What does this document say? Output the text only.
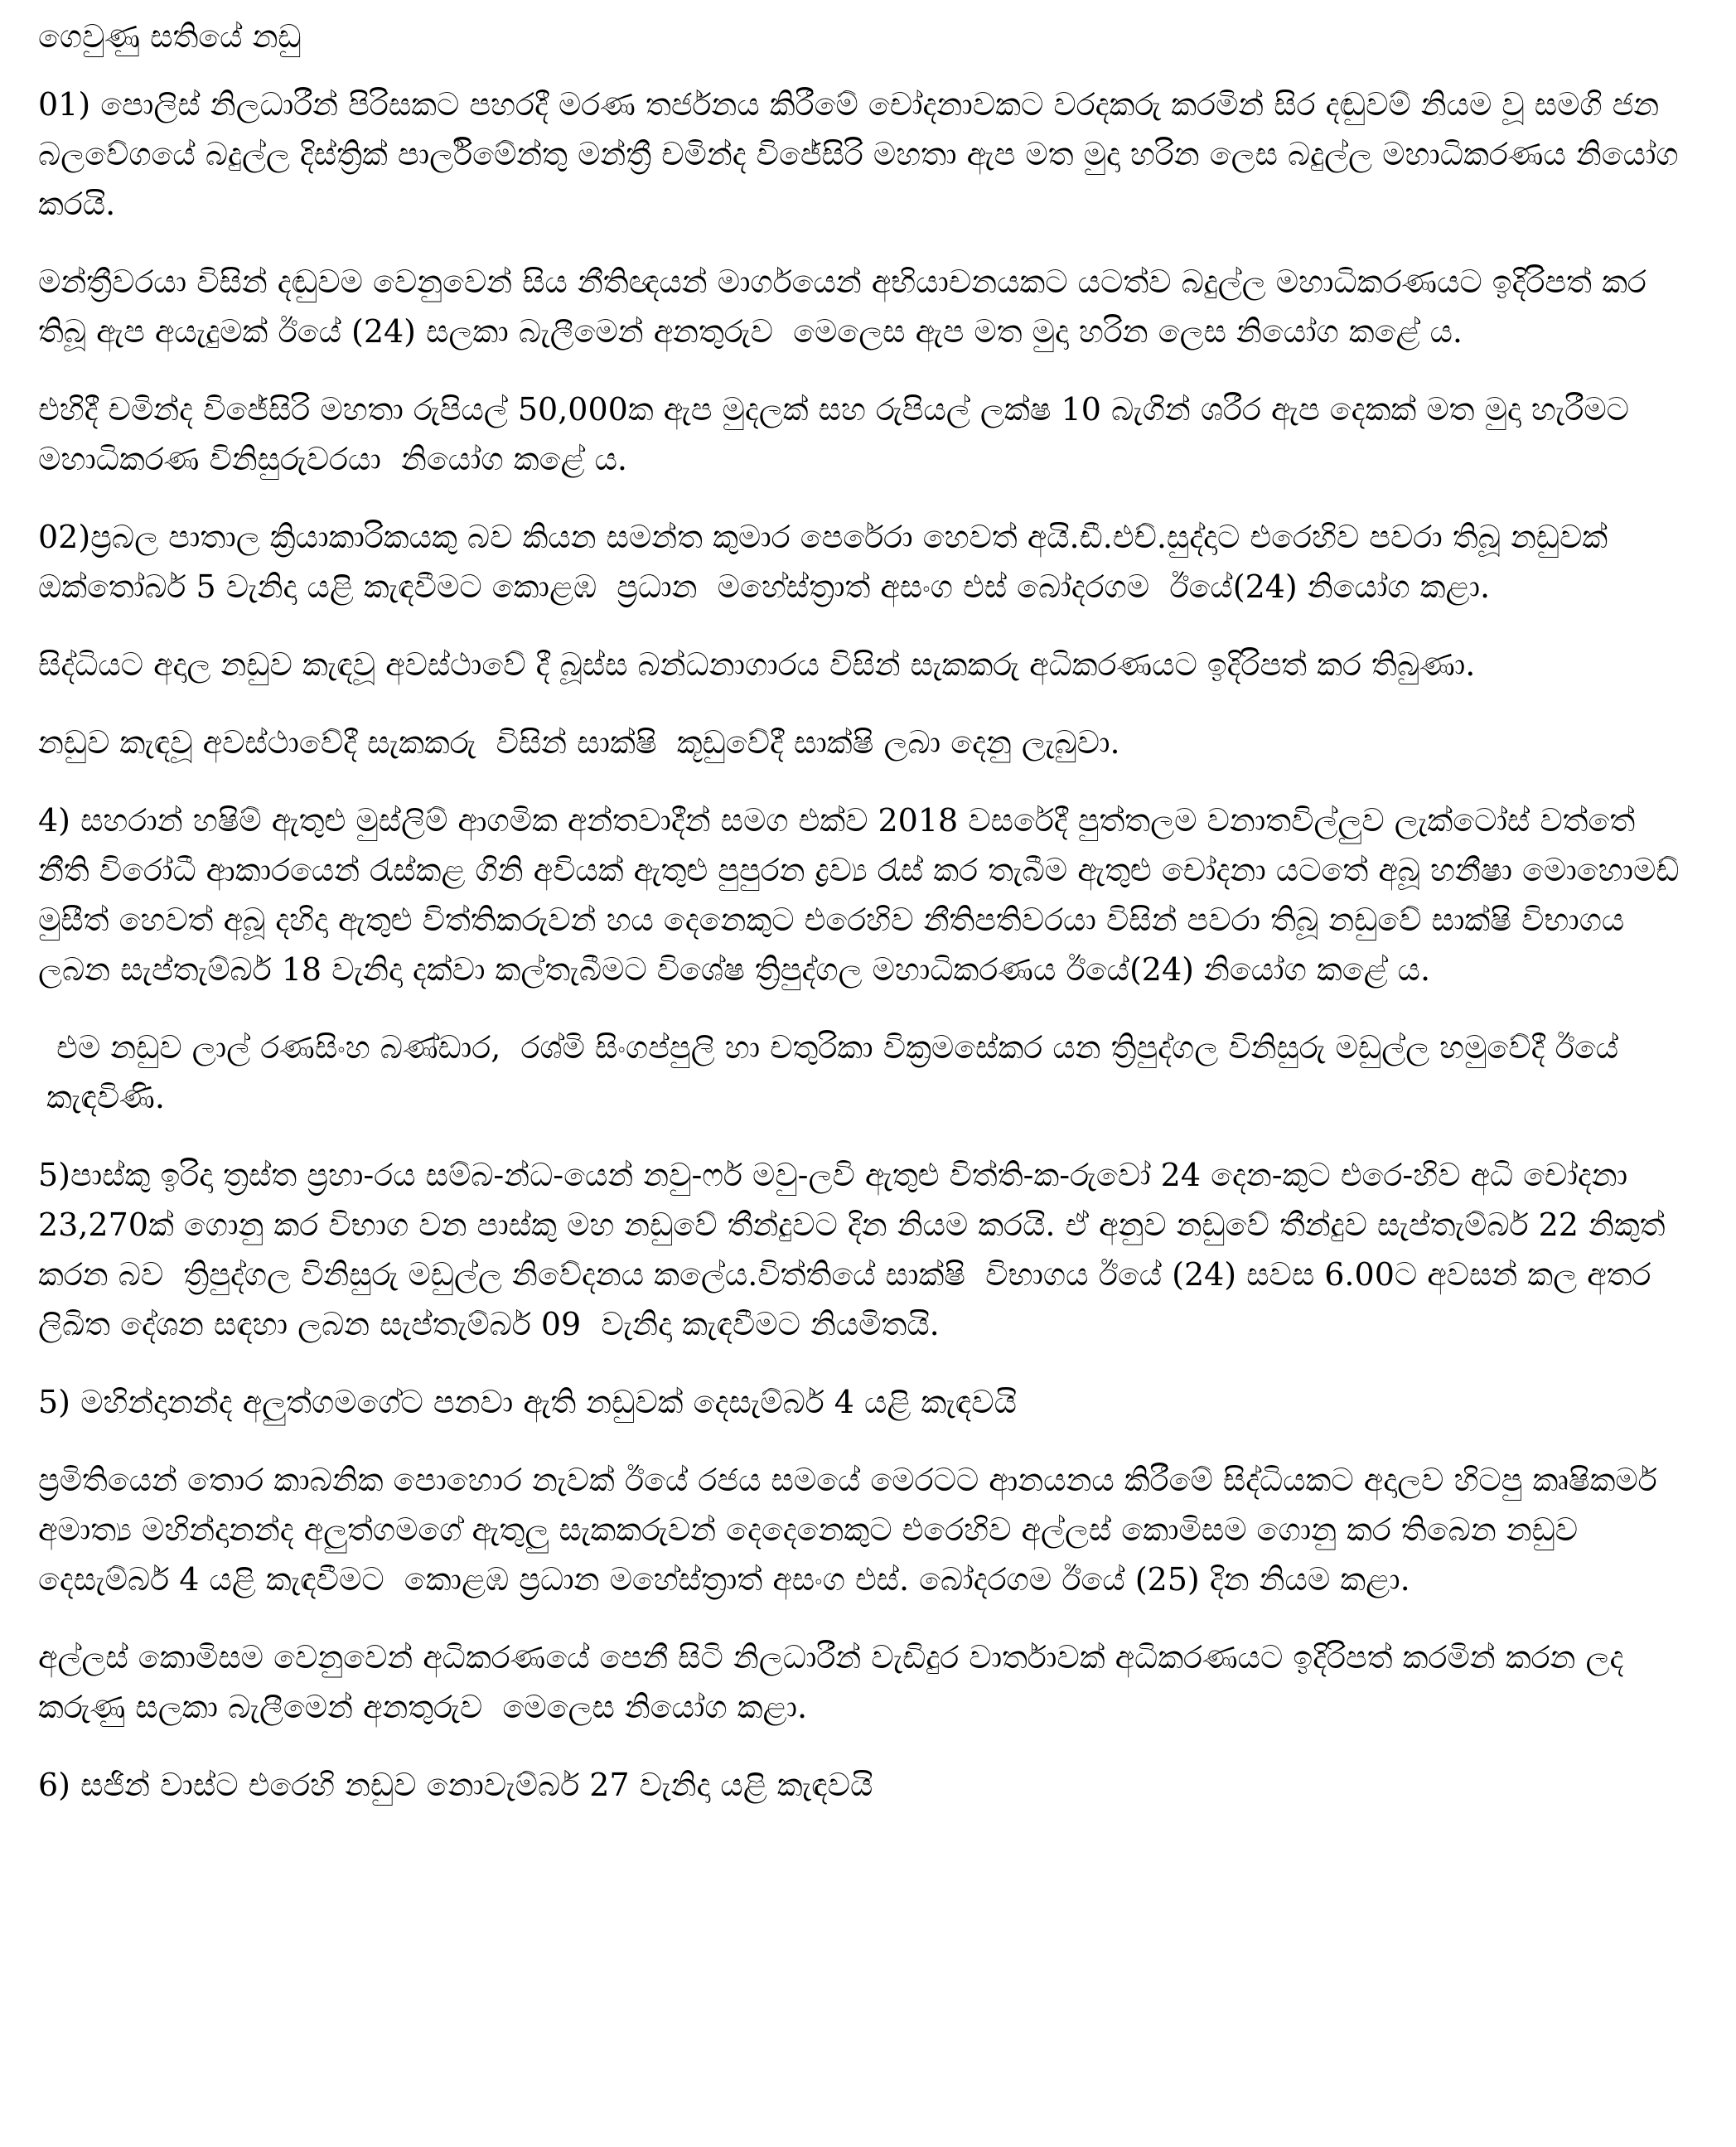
ගෙවුණු සතියේ නඩු
01) පොලිස් නිලධාරීන් පිරිසකට පහරදී මරණ තර්ජනය කිරීමේ චෝදනාවකට වරදකරු කරමින් සිර දඬුවම් නියම වූ සමගි ජන බලවේගයේ බදුල්ල දිස්ත්‍රික් පාර්ලිමේන්තු මන්ත්‍රී චමින්ද විජේසිරි මහතා ඇප මත මුදා හරින ලෙස බදුල්ල මහාධිකරණය නියෝග කරයි.
මන්ත්‍රීවරයා විසින් දඬුවම වෙනුවෙන් සිය නීතිඥයන් මාර්ගයෙන් අභියාචනයකට යටත්ව බදුල්ල මහාධිකරණයට ඉදිරිපත් කර තිබූ ඇප අයැදුමක් ඊයේ (24) සලකා බැලීමෙන් අනතුරුව  මෙලෙස ඇප මත මුදා හරින ලෙස නියෝග කළේ ය.
එහිදී චමින්ද විජේසිරි මහතා රුපියල් 50,000ක ඇප මුදලක් සහ රුපියල් ලක්ෂ 10 බැගින් ශරීර ඇප දෙකක් මත මුදා හැරීමට මහාධිකරණ විනිසුරුවරයා  නියෝග කළේ ය.
02)ප්‍රබල පාතාල ක්‍රියාකාරිකයකු බව කියන සමන්ත කුමාර පෙරේරා හෙවත් අයි.ඩී.එච්.සුද්දාට එරෙහිව පවරා තිබූ නඩුවක් ඔක්තෝබර් 5 වැනිදා යළි කැඳවීමට කොළඹ  ප්‍රධාන  මහේස්ත්‍රාත් අසංග එස් බෝදරගම  ඊයේ(24) නියෝග කළා.
සිද්ධියට අදාල නඩුව කැඳවූ අවස්ථාවේ දී බූස්ස බන්ධනාගාරය විසින් සැකකරු අධිකරණයට ඉදිරිපත් කර තිබුණා.
නඩුව කැඳවූ අවස්ථාවේදී සැකකරු  විසින් සාක්ෂි  කූඩුවේදී සාක්ෂි ලබා දෙනු ලැබුවා.
4) සහරාන් හෂිම් ඇතුළු මුස්ලිම් ආගමික අන්තවාදීන් සමග එක්ව 2018 වසරේදී පුත්තලම වනාතවිල්ලුව ලැක්ටෝස් වත්තේ  නීති විරෝධී ආකාරයෙන් රැස්කළ ගිනි අවියක් ඇතුළු පුපුරන ද්‍රව්‍ය රැස් කර තැබීම ඇතුළු චෝදනා යටතේ අබූ හනීෂා මොහොමඩ් මුසීත් හෙවත් අබූ දහිදා ඇතුළු විත්තිකරුවන් හය දෙනෙකුට එරෙහිව නීතිපතිවරයා විසින් පවරා තිබූ නඩුවේ සාක්ෂි විභාගය ලබන සැප්තැම්බර් 18 වැනිදා දක්වා කල්තැබීමට විශේෂ ත්‍රිපුද්ගල මහාධිකරණය ඊයේ(24) නියෝග කළේ ය.
එම නඩුව ලාල් රණසිංහ බණ්ඩාර,  රශ්මි සිංගප්පුලි හා චතුරිකා වික්‍රමසේකර යන ත්‍රිපුද්ගල විනිසුරු මඩුල්ල හමුවේදී ඊයේ කැඳවිණි.
5)පාස්කු ඉරිදා ත්‍රස්ත ප්‍රහා-රය සම්බ-න්ධ-යෙන් නවු-ෆර් මවු-ලවි ඇතුළු විත්ති-ක-රුවෝ 24 දෙන-කුට එරෙ-හිව අධි චෝදනා 23,270ක් ගොනු කර විභාග වන පාස්කු මහ නඩුවේ තීන්දුවට දින නියම කරයි. ඒ අනුව නඩුවේ තීන්දුව සැප්තැම්බර් 22 නිකුත් කරන බව  ත්‍රිපුද්ගල විනිසුරු මඩුල්ල නිවේදනය කලේය.විත්තියේ සාක්ෂි  විභාගය ඊයේ (24) සවස 6.00ට අවසන් කල අතර  ලිඛිත දේශන සඳහා ලබන සැප්තැම්බර් 09  වැනිදා කැඳවීමට නියමිතයි.
5) මහින්දානන්ද අලුත්ගමගේට පනවා ඇති නඩුවක් දෙසැම්බර් 4 යළි කැඳවයි
ප්‍රමිතියෙන් තොර කාබනික පොහොර නැවක් ඊයේ රජය සමයේ මෙරටට ආනයනය කිරීමේ සිද්ධියකට අදාලව හිටපු කෘෂිකර්ම අමාත්‍ය මහින්දානන්ද අලුත්ගමගේ ඇතුලු සැකකරුවන් දෙදෙනෙකුට එරෙහිව අල්ලස් කොමිසම ගොනු කර තිබෙන නඩුව දෙසැම්බර් 4 යළි කැඳවීමට  කොළඹ ප්‍රධාන මහේස්ත්‍රාත් අසංග එස්. බෝදරගම ඊයේ (25) දින නියම කළා.
අල්ලස් කොමිසම වෙනුවෙන් අධිකරණයේ පෙනී සිටි නිලධාරීන් වැඩිදුර වාර්තාවක් අධිකරණයට ඉදිරිපත් කරමින් කරන ලද කරුණු සලකා බැලීමෙන් අනතුරුව  මෙලෙස නියෝග කළා.
6) සජින් වාස්ට එරෙහි නඩුව නොවැම්බර් 27 වැනිදා යළි කැඳවයි
